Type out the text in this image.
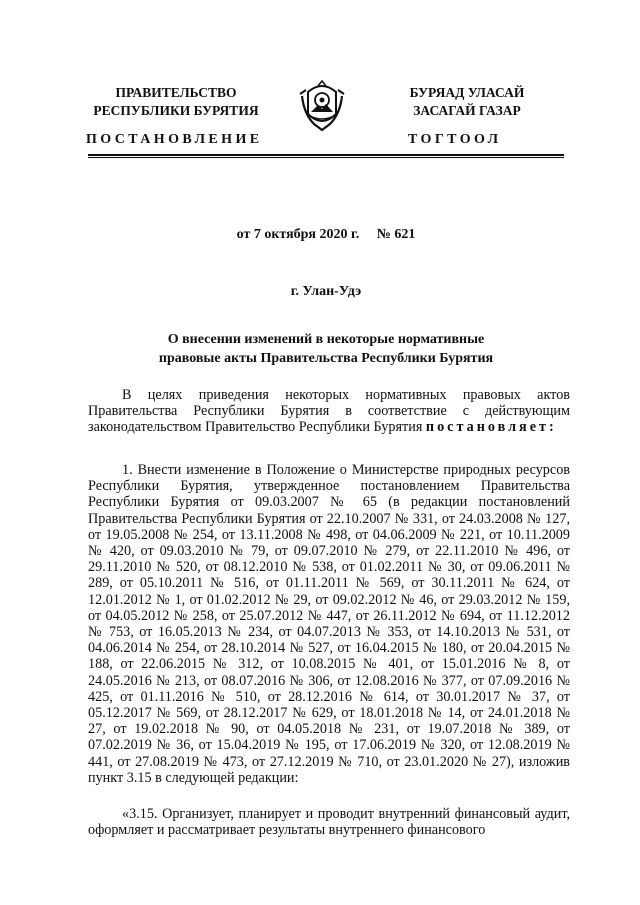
ПРАВИТЕЛЬСТВО
РЕСПУБЛИКИ БУРЯТИЯ
БУРЯАД УЛАСАЙ
ЗАСАГАЙ ГАЗАР
ПОСТАНОВЛЕНИЕ	ТОГТООЛ
от 7 октября 2020 г. № 621
г. Улан-Удэ
О внесении изменений в некоторые нормативные
правовые акты Правительства Республики Бурятия

В целях приведения некоторых нормативных правовых актов Правительства Республики Бурятия в соответствие с действующим законодательством Правительство Республики Бурятия постановляет:

1. Внести изменение в Положение о Министерстве природных ресурсов Республики Бурятия, утвержденное постановлением Правительства Республики Бурятия от 09.03.2007 № 65 (в редакции постановлений Правительства Республики Бурятия от 22.10.2007 № 331, от 24.03.2008 № 127, от 19.05.2008 № 254, от 13.11.2008 № 498, от 04.06.2009 № 221, от 10.11.2009 № 420, от 09.03.2010 № 79, от 09.07.2010 № 279, от 22.11.2010 № 496, от 29.11.2010 № 520, от 08.12.2010 № 538, от 01.02.2011 № 30, от 09.06.2011 № 289, от 05.10.2011 № 516, от 01.11.2011 № 569, от 30.11.2011 № 624, от 12.01.2012 № 1, от 01.02.2012 № 29, от 09.02.2012 № 46, от 29.03.2012 № 159, от 04.05.2012 № 258, от 25.07.2012 № 447, от 26.11.2012 № 694, от 11.12.2012 № 753, от 16.05.2013 № 234, от 04.07.2013 № 353, от 14.10.2013 № 531, от 04.06.2014 № 254, от 28.10.2014 № 527, от 16.04.2015 № 180, от 20.04.2015 № 188, от 22.06.2015 № 312, от 10.08.2015 № 401, от 15.01.2016 № 8, от 24.05.2016 № 213, от 08.07.2016 № 306, от 12.08.2016 № 377, от 07.09.2016 № 425, от 01.11.2016 № 510, от 28.12.2016 № 614, от 30.01.2017 № 37, от 05.12.2017 № 569, от 28.12.2017 № 629, от 18.01.2018 № 14, от 24.01.2018 № 27, от 19.02.2018 № 90, от 04.05.2018 № 231, от 19.07.2018 № 389, от 07.02.2019 № 36, от 15.04.2019 № 195, от 17.06.2019 № 320, от 12.08.2019 № 441, от 27.08.2019 № 473, от 27.12.2019 № 710, от 23.01.2020 № 27), изложив пункт 3.15 в следующей редакции:

«3.15. Организует, планирует и проводит внутренний финансовый аудит, оформляет и рассматривает результаты внутреннего финансового
